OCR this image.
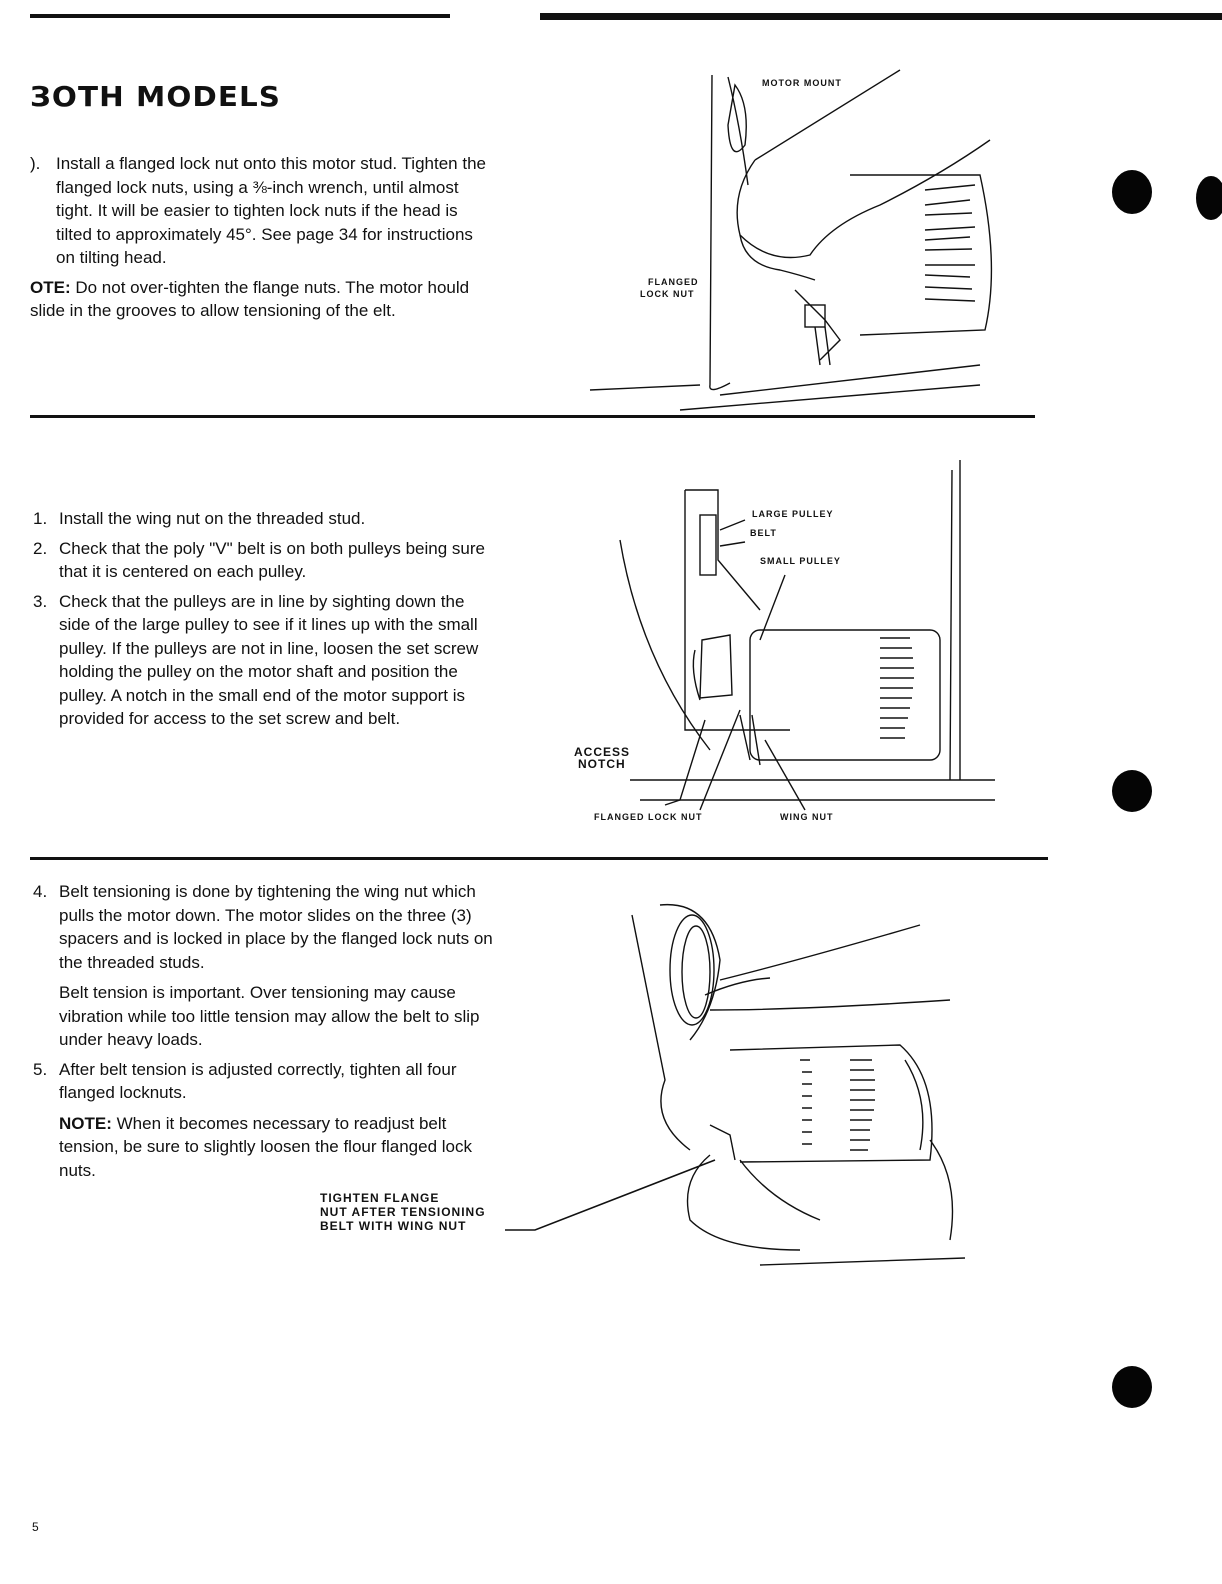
ЗОТН MODELS
). Install a flanged lock nut onto this motor stud. Tighten the flanged lock nuts, using a ⅜-inch wrench, until almost tight. It will be easier to tighten lock nuts if the head is tilted to approximately 45°. See page 34 for instructions on tilting head.
OTE: Do not over-tighten the flange nuts. The motor hould slide in the grooves to allow tensioning of the elt.
MOTOR MOUNT
FLANGED
LOCK NUT
1. Install the wing nut on the threaded stud.
2. Check that the poly "V" belt is on both pulleys being sure that it is centered on each pulley.
3. Check that the pulleys are in line by sighting down the side of the large pulley to see if it lines up with the small pulley. If the pulleys are not in line, loosen the set screw holding the pulley on the motor shaft and position the pulley. A notch in the small end of the motor support is provided for access to the set screw and belt.
LARGE PULLEY
BELT
SMALL PULLEY
ACCESS
NOTCH
FLANGED LOCK NUT	WING NUT
4. Belt tensioning is done by tightening the wing nut which pulls the motor down. The motor slides on the three (3) spacers and is locked in place by the flanged lock nuts on the threaded studs.
Belt tension is important. Over tensioning may cause vibration while too little tension may allow the belt to slip under heavy loads.
5. After belt tension is adjusted correctly, tighten all four flanged locknuts.
NOTE: When it becomes necessary to readjust belt tension, be sure to slightly loosen the flour flanged lock nuts.
TIGHTEN FLANGE
NUT AFTER TENSIONING
BELT WITH WING NUT
5
